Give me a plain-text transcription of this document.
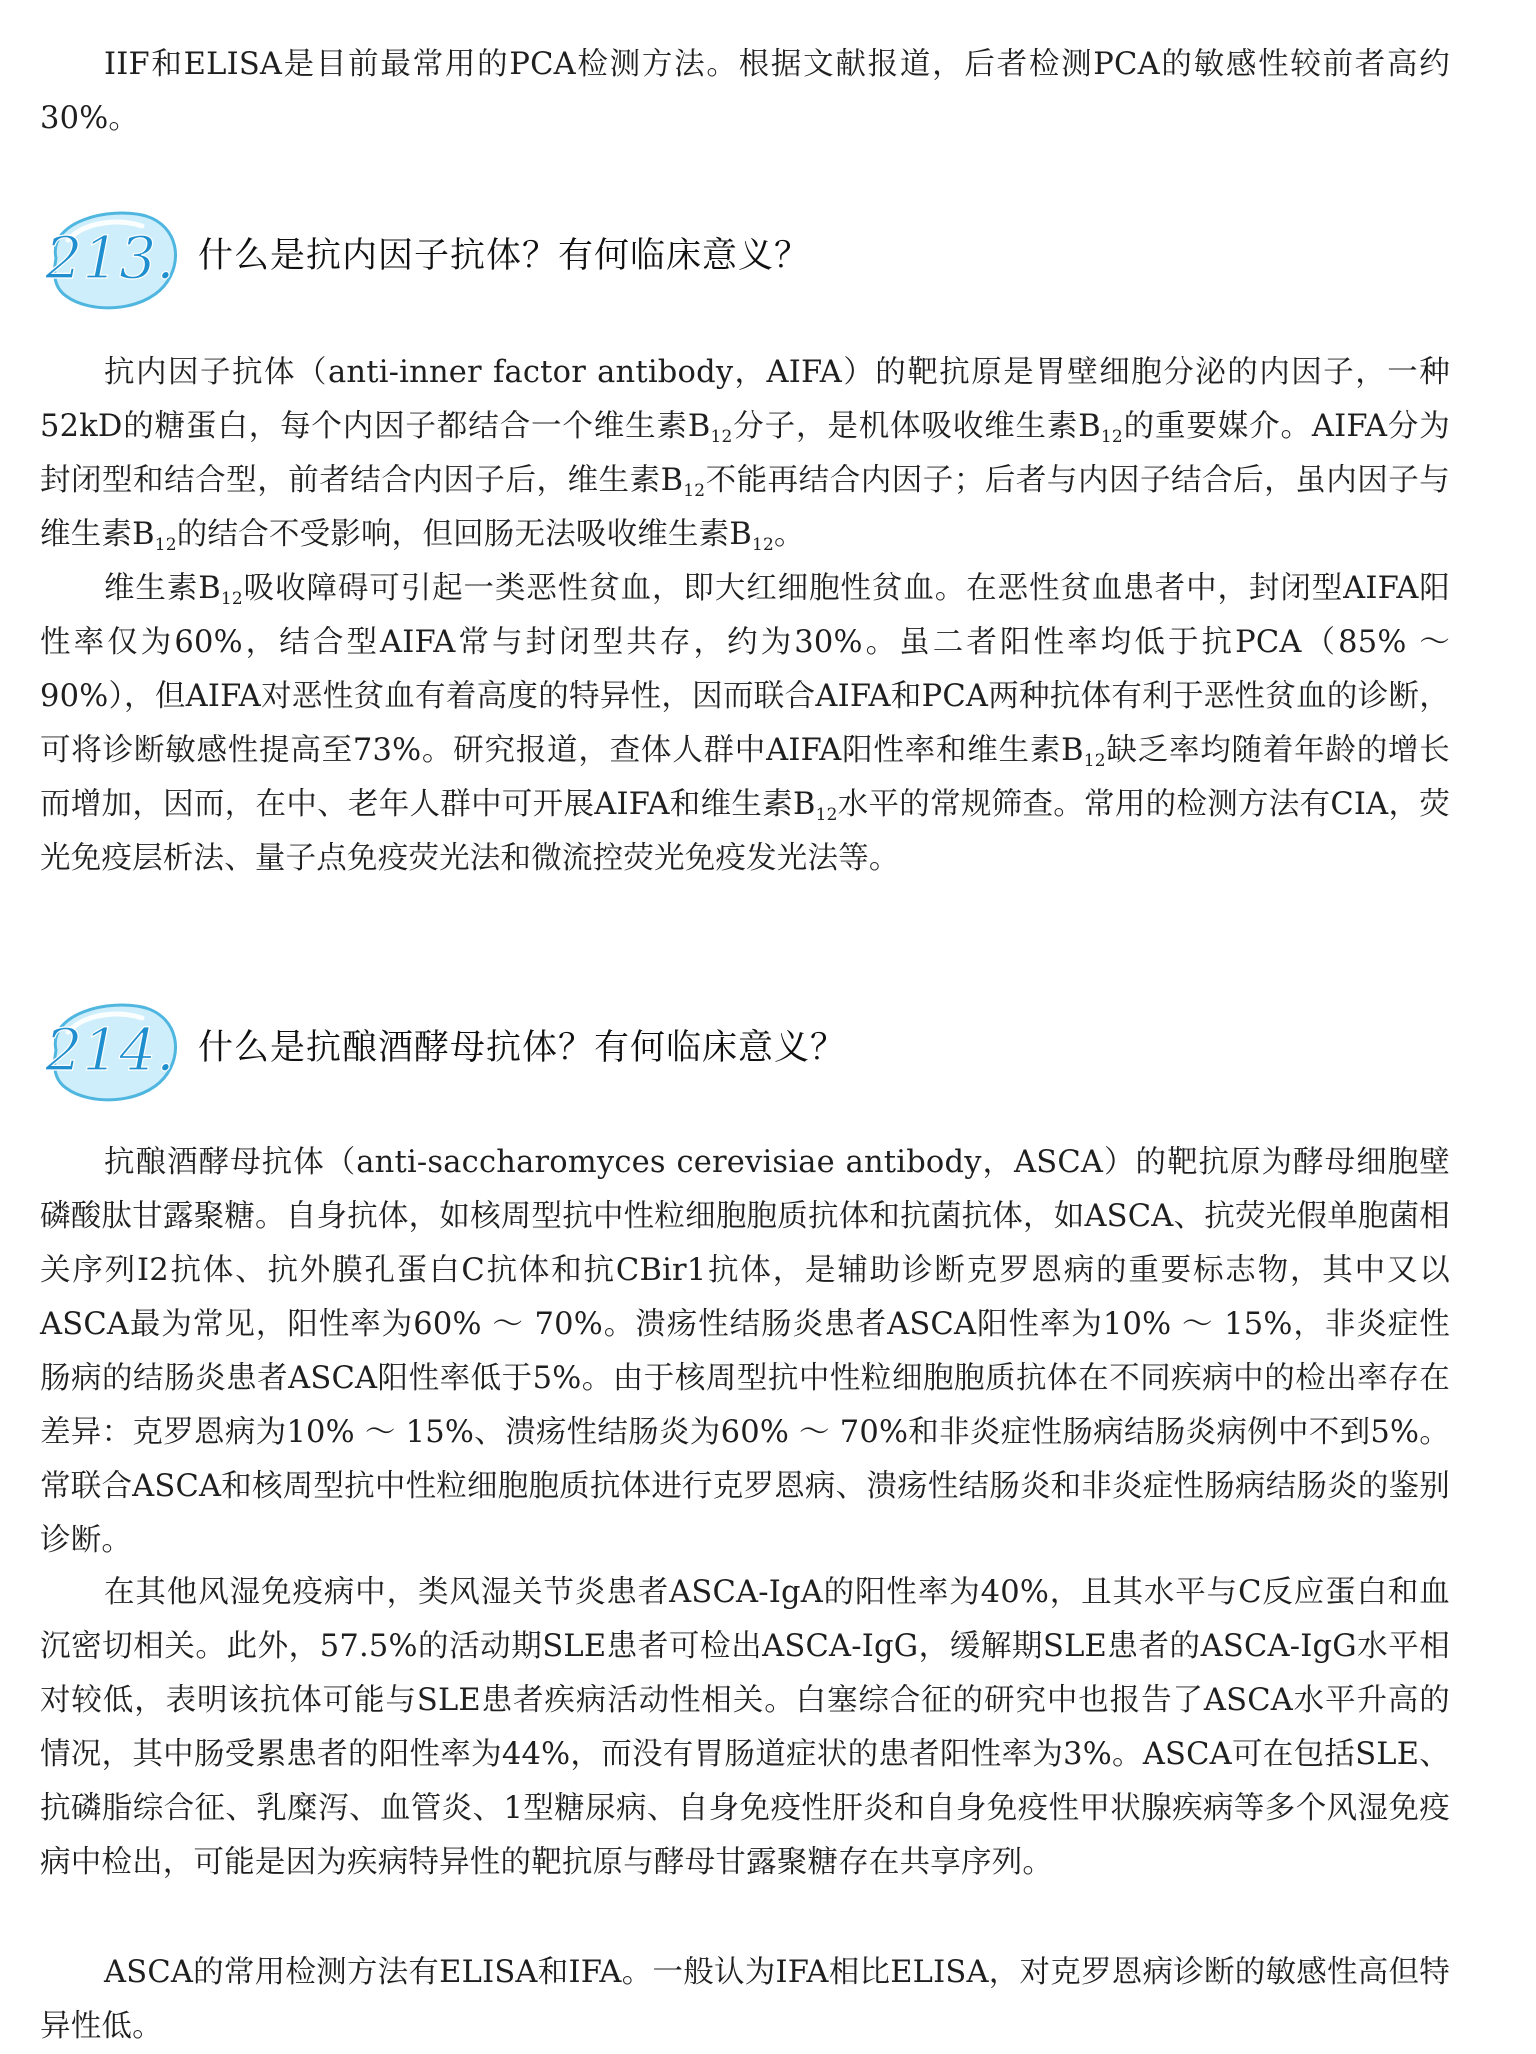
IIF和ELISA是目前最常用的PCA检测方法。根据文献报道，后者检测PCA的敏感性较前者高约30%。

213. 什么是抗内因子抗体？有何临床意义？

抗内因子抗体（anti-inner factor antibody，AIFA）的靶抗原是胃壁细胞分泌的内因子，一种52kD的糖蛋白，每个内因子都结合一个维生素$B_{12}$分子，是机体吸收维生素$B_{12}$的重要媒介。AIFA分为封闭型和结合型，前者结合内因子后，维生素$B_{12}$不能再结合内因子；后者与内因子结合后，虽内因子与维生素$B_{12}$的结合不受影响，但回肠无法吸收维生素$B_{12}$。

维生素$B_{12}$吸收障碍可引起一类恶性贫血，即大红细胞性贫血。在恶性贫血患者中，封闭型AIFA阳性率仅为60%，结合型AIFA常与封闭型共存，约为30%。虽二者阳性率均低于抗PCA（85% ～ 90%），但AIFA对恶性贫血有着高度的特异性，因而联合AIFA和PCA两种抗体有利于恶性贫血的诊断，可将诊断敏感性提高至73%。研究报道，查体人群中AIFA阳性率和维生素$B_{12}$缺乏率均随着年龄的增长而增加，因而，在中、老年人群中可开展AIFA和维生素$B_{12}$水平的常规筛查。常用的检测方法有CIA，荧光免疫层析法、量子点免疫荧光法和微流控荧光免疫发光法等。

214. 什么是抗酿酒酵母抗体？有何临床意义？

抗酿酒酵母抗体（anti-saccharomyces cerevisiae antibody，ASCA）的靶抗原为酵母细胞壁磷酸肽甘露聚糖。自身抗体，如核周型抗中性粒细胞胞质抗体和抗菌抗体，如ASCA、抗荧光假单胞菌相关序列I2抗体、抗外膜孔蛋白C抗体和抗CBir1抗体，是辅助诊断克罗恩病的重要标志物，其中又以ASCA最为常见，阳性率为60% ～ 70%。溃疡性结肠炎患者ASCA阳性率为10% ～ 15%，非炎症性肠病的结肠炎患者ASCA阳性率低于5%。由于核周型抗中性粒细胞胞质抗体在不同疾病中的检出率存在差异：克罗恩病为10% ～ 15%、溃疡性结肠炎为60% ～ 70%和非炎症性肠病结肠炎病例中不到5%。常联合ASCA和核周型抗中性粒细胞胞质抗体进行克罗恩病、溃疡性结肠炎和非炎症性肠病结肠炎的鉴别诊断。

在其他风湿免疫病中，类风湿关节炎患者ASCA-IgA的阳性率为40%，且其水平与C反应蛋白和血沉密切相关。此外，57.5%的活动期SLE患者可检出ASCA-IgG，缓解期SLE患者的ASCA-IgG水平相对较低，表明该抗体可能与SLE患者疾病活动性相关。白塞综合征的研究中也报告了ASCA水平升高的情况，其中肠受累患者的阳性率为44%，而没有胃肠道症状的患者阳性率为3%。ASCA可在包括SLE、抗磷脂综合征、乳糜泻、血管炎、1型糖尿病、自身免疫性肝炎和自身免疫性甲状腺疾病等多个风湿免疫病中检出，可能是因为疾病特异性的靶抗原与酵母甘露聚糖存在共享序列。

ASCA的常用检测方法有ELISA和IFA。一般认为IFA相比ELISA，对克罗恩病诊断的敏感性高但特异性低。
